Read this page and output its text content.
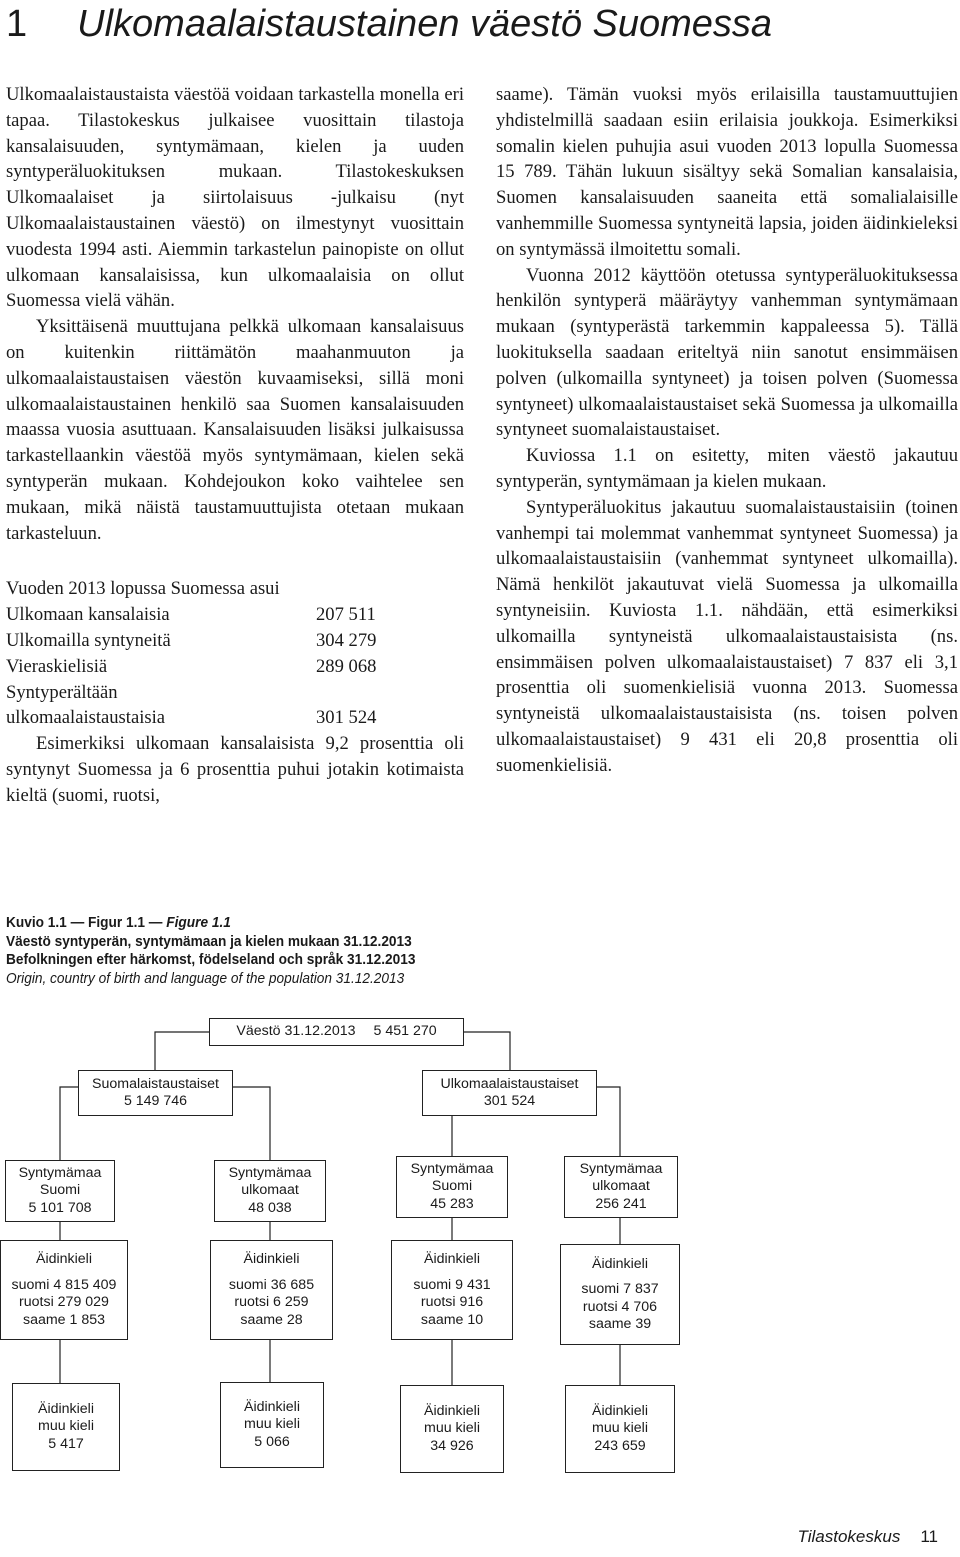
1 Ulkomaalaistaustainen väestö Suomessa

Ulkomaalaistaustaista väestöä voidaan tarkastella monella eri tapaa. Tilastokeskus julkaisee vuosittain tilastoja kansalaisuuden, syntymämaan, kielen ja uuden syntyperäluokituksen mukaan. Tilastokeskuksen Ulkomaalaiset ja siirtolaisuus -julkaisu (nyt Ulkomaalaistaustainen väestö) on ilmestynyt vuosittain vuodesta 1994 asti. Aiemmin tarkastelun painopiste on ollut ulkomaan kansalaisissa, kun ulkomaalaisia on ollut Suomessa vielä vähän.

Yksittäisenä muuttujana pelkkä ulkomaan kansalaisuus on kuitenkin riittämätön maahanmuuton ja ulkomaalaistaustaisen väestön kuvaamiseksi, sillä moni ulkomaalaistaustainen henkilö saa Suomen kansalaisuuden maassa vuosia asuttuaan. Kansalaisuuden lisäksi julkaisussa tarkastellaankin väestöä myös syntymämaan, kielen sekä syntyperän mukaan. Kohdejoukon koko vaihtelee sen mukaan, mikä näistä taustamuuttujista otetaan mukaan tarkasteluun.

Vuoden 2013 lopussa Suomessa asui

Ulkomaan kansalaisia	207 511
Ulkomailla syntyneitä	304 279
Vieraskielisiä	289 068
Syntyperältään
ulkomaalaistaustaisia	301 524

Esimerkiksi ulkomaan kansalaisista 9,2 prosenttia oli syntynyt Suomessa ja 6 prosenttia puhui jotakin kotimaista kieltä (suomi, ruotsi,

saame). Tämän vuoksi myös erilaisilla taustamuuttujien yhdistelmillä saadaan esiin erilaisia joukkoja. Esimerkiksi somalin kielen puhujia asui vuoden 2013 lopulla Suomessa 15 789. Tähän lukuun sisältyy sekä Somalian kansalaisia, Suomen kansalaisuuden saaneita että somalialaisille vanhemmille Suomessa syntyneitä lapsia, joiden äidinkieleksi on syntymässä ilmoitettu somali.

Vuonna 2012 käyttöön otetussa syntyperäluokituksessa henkilön syntyperä määräytyy vanhemman syntymämaan mukaan (syntyperästä tarkemmin kappaleessa 5). Tällä luokituksella saadaan eriteltyä niin sanotut ensimmäisen polven (ulkomailla syntyneet) ja toisen polven (Suomessa syntyneet) ulkomaalaistaustaiset sekä Suomessa ja ulkomailla syntyneet suomalaistaustaiset.

Kuviossa 1.1 on esitetty, miten väestö jakautuu syntyperän, syntymämaan ja kielen mukaan.

Syntyperäluokitus jakautuu suomalaistaustaisiin (toinen vanhempi tai molemmat vanhemmat syntyneet Suomessa) ja ulkomaalaistaustaisiin (vanhemmat syntyneet ulkomailla). Nämä henkilöt jakautuvat vielä Suomessa ja ulkomailla syntyneisiin. Kuviosta 1.1. nähdään, että esimerkiksi ulkomailla syntyneistä ulkomaalaistaustaisista (ns. ensimmäisen polven ulkomaalaistaustaiset) 7 837 eli 3,1 prosenttia oli suomenkielisiä vuonna 2013. Suomessa syntyneistä ulkomaalaistaustaisista (ns. toisen polven ulkomaalaistaustaiset) 9 431 eli 20,8 prosenttia oli suomenkielisiä.

Kuvio 1.1 — Figur 1.1 — Figure 1.1
Väestö syntyperän, syntymämaan ja kielen mukaan 31.12.2013
Befolkningen efter härkomst, födelseland och språk 31.12.2013
Origin, country of birth and language of the population 31.12.2013
Väestö 31.12.2013 5 451 270
Suomalaistaustaiset
5 149 746
Ulkomaalaistaustaiset
301 524
Syntymämaa
Suomi
5 101 708
Syntymämaa
ulkomaat
48 038
Syntymämaa
Suomi
45 283
Syntymämaa
ulkomaat
256 241
Äidinkieli
suomi 4 815 409
ruotsi 279 029
saame 1 853
Äidinkieli
suomi 36 685
ruotsi 6 259
saame 28
Äidinkieli
suomi 9 431
ruotsi 916
saame 10
Äidinkieli
suomi 7 837
ruotsi 4 706
saame 39
Äidinkieli
muu kieli
5 417
Äidinkieli
muu kieli
5 066
Äidinkieli
muu kieli
34 926
Äidinkieli
muu kieli
243 659
Tilastokeskus 11
